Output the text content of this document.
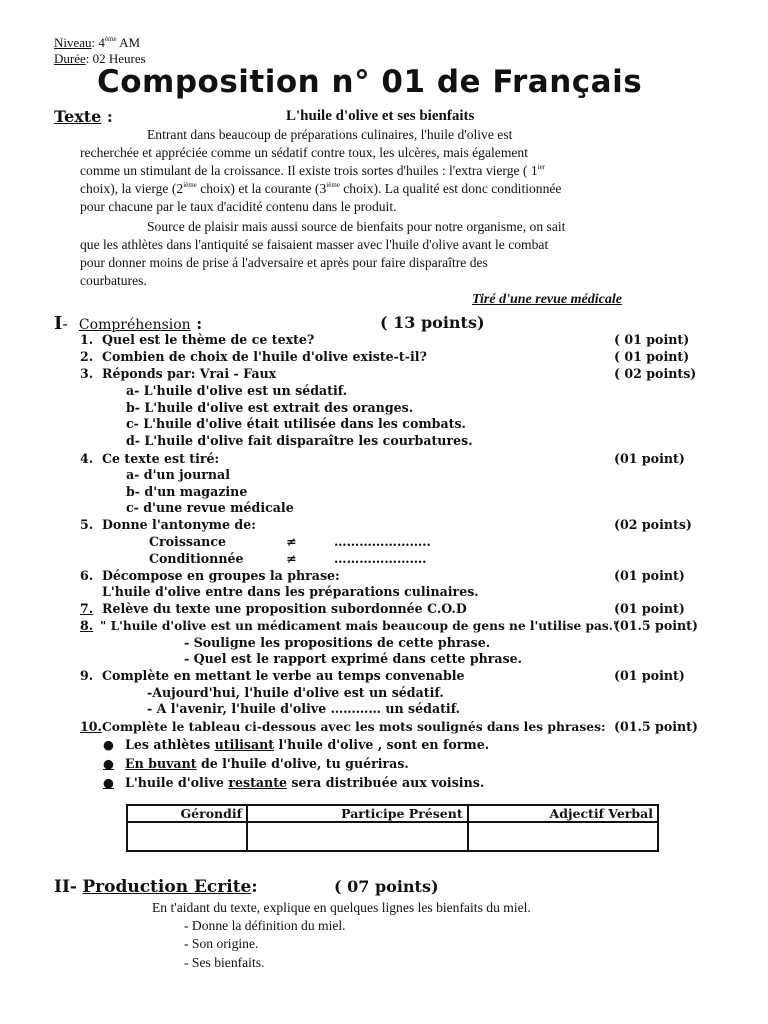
Niveau: 4ème AM
Durée: 02 Heures
Composition n° 01 de Français
Texte :	L'huile d'olive et ses bienfaits
Entrant dans beaucoup de préparations culinaires, l'huile d'olive est
recherchée et appréciée comme un sédatif contre toux, les ulcères, mais également
comme un stimulant de la croissance. Il existe trois sortes d'huiles : l'extra vierge ( $1^{ier}$
choix), la vierge (2ième choix) et la courante (3ième choix). La qualité est donc conditionnée
pour chacune par le taux d'acidité contenu dans le produit.
Source de plaisir mais aussi source de bienfaits pour notre organisme, on sait
que les athlètes dans l'antiquité se faisaient masser avec l'huile d'olive avant le combat
pour donner moins de prise á l'adversaire et après pour faire disparaître des
courbatures.
Tiré d'une revue médicale
I- Compréhension :	( 13 points)
1. Quel est le thème de ce texte?	( 01 point)
2. Combien de choix de l'huile d'olive existe-t-il?	( 01 point)
3. Réponds par: Vrai - Faux	( 02 points)
a- L'huile d'olive est un sédatif.
b- L'huile d'olive est extrait des oranges.
c- L'huile d'olive était utilisée dans les combats.
d- L'huile d'olive fait disparaître les courbatures.
4. Ce texte est tiré:	(01 point)
a- d'un journal
b- d'un magazine
c- d'une revue médicale
5. Donne l'antonyme de:	(02 points)
Croissance	≠	…………………..
Conditionnée	≠	………………….
6. Décompose en groupes la phrase:	(01 point)
L'huile d'olive entre dans les préparations culinaires.
7. Relève du texte une proposition subordonnée C.O.D	(01 point)
8. " L'huile d'olive est un médicament mais beaucoup de gens ne l'utilise pas."
(01.5 point)
- Souligne les propositions de cette phrase.
- Quel est le rapport exprimé dans cette phrase.
9. Complète en mettant le verbe au temps convenable	(01 point)
-Aujourd'hui, l'huile d'olive est un sédatif.
- A l'avenir, l'huile d'olive ………… un sédatif.
10. Complète le tableau ci-dessous avec les mots soulignés dans les phrases: (01.5 point)
● Les athlètes utilisant l'huile d'olive , sont en forme.
● En buvant de l'huile d'olive, tu guériras.
● L'huile d'olive restante sera distribuée aux voisins.
Gérondif	Participe Présent	Adjectif Verbal

II- Production Ecrite:	( 07 points)
En t'aidant du texte, explique en quelques lignes les bienfaits du miel.
- Donne la définition du miel.
- Son origine.
- Ses bienfaits.
